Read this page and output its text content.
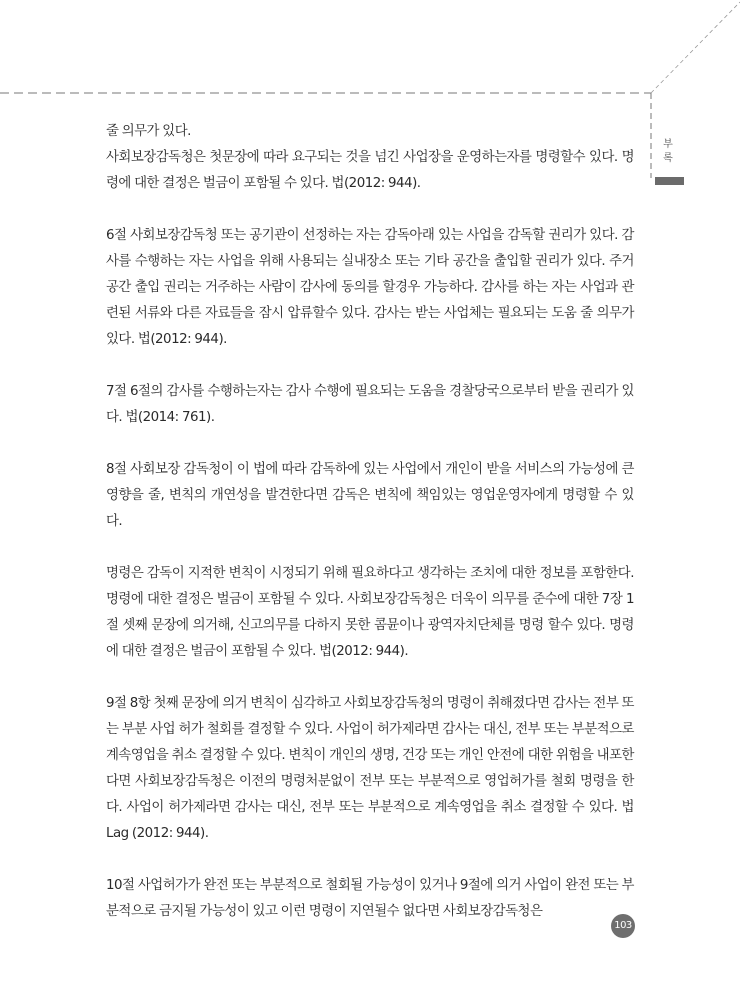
부
록

줄 의무가 있다.

사회보장감독청은 첫문장에 따라 요구되는 것을 넘긴 사업장을 운영하는자를 명령할수 있다. 명령에 대한 결정은 벌금이 포함될 수 있다. 법(2012: 944).

6절 사회보장감독청 또는 공기관이 선정하는 자는 감독아래 있는 사업을 감독할 권리가 있다. 감사를 수행하는 자는 사업을 위해 사용되는 실내장소 또는 기타 공간을 출입할 권리가 있다. 주거공간 출입 권리는 거주하는 사람이 감사에 동의를 할경우 가능하다. 감사를 하는 자는 사업과 관련된 서류와 다른 자료들을 잠시 압류할수 있다. 감사는 받는 사업체는 필요되는 도움 줄 의무가 있다. 법(2012: 944).

7절 6절의 감사를 수행하는자는 감사 수행에 필요되는 도움을 경찰당국으로부터 받을 권리가 있다. 법(2014: 761).

8절 사회보장 감독청이 이 법에 따라 감독하에 있는 사업에서 개인이 받을 서비스의 가능성에 큰 영향을 줄, 변칙의 개연성을 발견한다면 감독은 변칙에 책임있는 영업운영자에게 명령할 수 있다.

명령은 감독이 지적한 변칙이 시정되기 위해 필요하다고 생각하는 조치에 대한 정보를 포함한다. 명령에 대한 결정은 벌금이 포함될 수 있다. 사회보장감독청은 더욱이 의무를 준수에 대한 7장 1절 셋째 문장에 의거해, 신고의무를 다하지 못한 콤뮨이나 광역자치단체를 명령 할수 있다. 명령에 대한 결정은 벌금이 포함될 수 있다. 법(2012: 944).

9절 8항 첫째 문장에 의거 변칙이 심각하고 사회보장감독청의 명령이 취해졌다면 감사는 전부 또는 부분 사업 허가 철회를 결정할 수 있다. 사업이 허가제라면 감사는 대신, 전부 또는 부분적으로 계속영업을 취소 결정할 수 있다. 변칙이 개인의 생명, 건강 또는 개인 안전에 대한 위험을 내포한다면 사회보장감독청은 이전의 명령처분없이 전부 또는 부분적으로 영업허가를 철회 명령을 한다. 사업이 허가제라면 감사는 대신, 전부 또는 부분적으로 계속영업을 취소 결정할 수 있다. 법 Lag (2012: 944).

10절 사업허가가 완전 또는 부분적으로 철회될 가능성이 있거나 9절에 의거 사업이 완전 또는 부분적으로 금지될 가능성이 있고 이런 명령이 지연될수 없다면 사회보장감독청은

103
